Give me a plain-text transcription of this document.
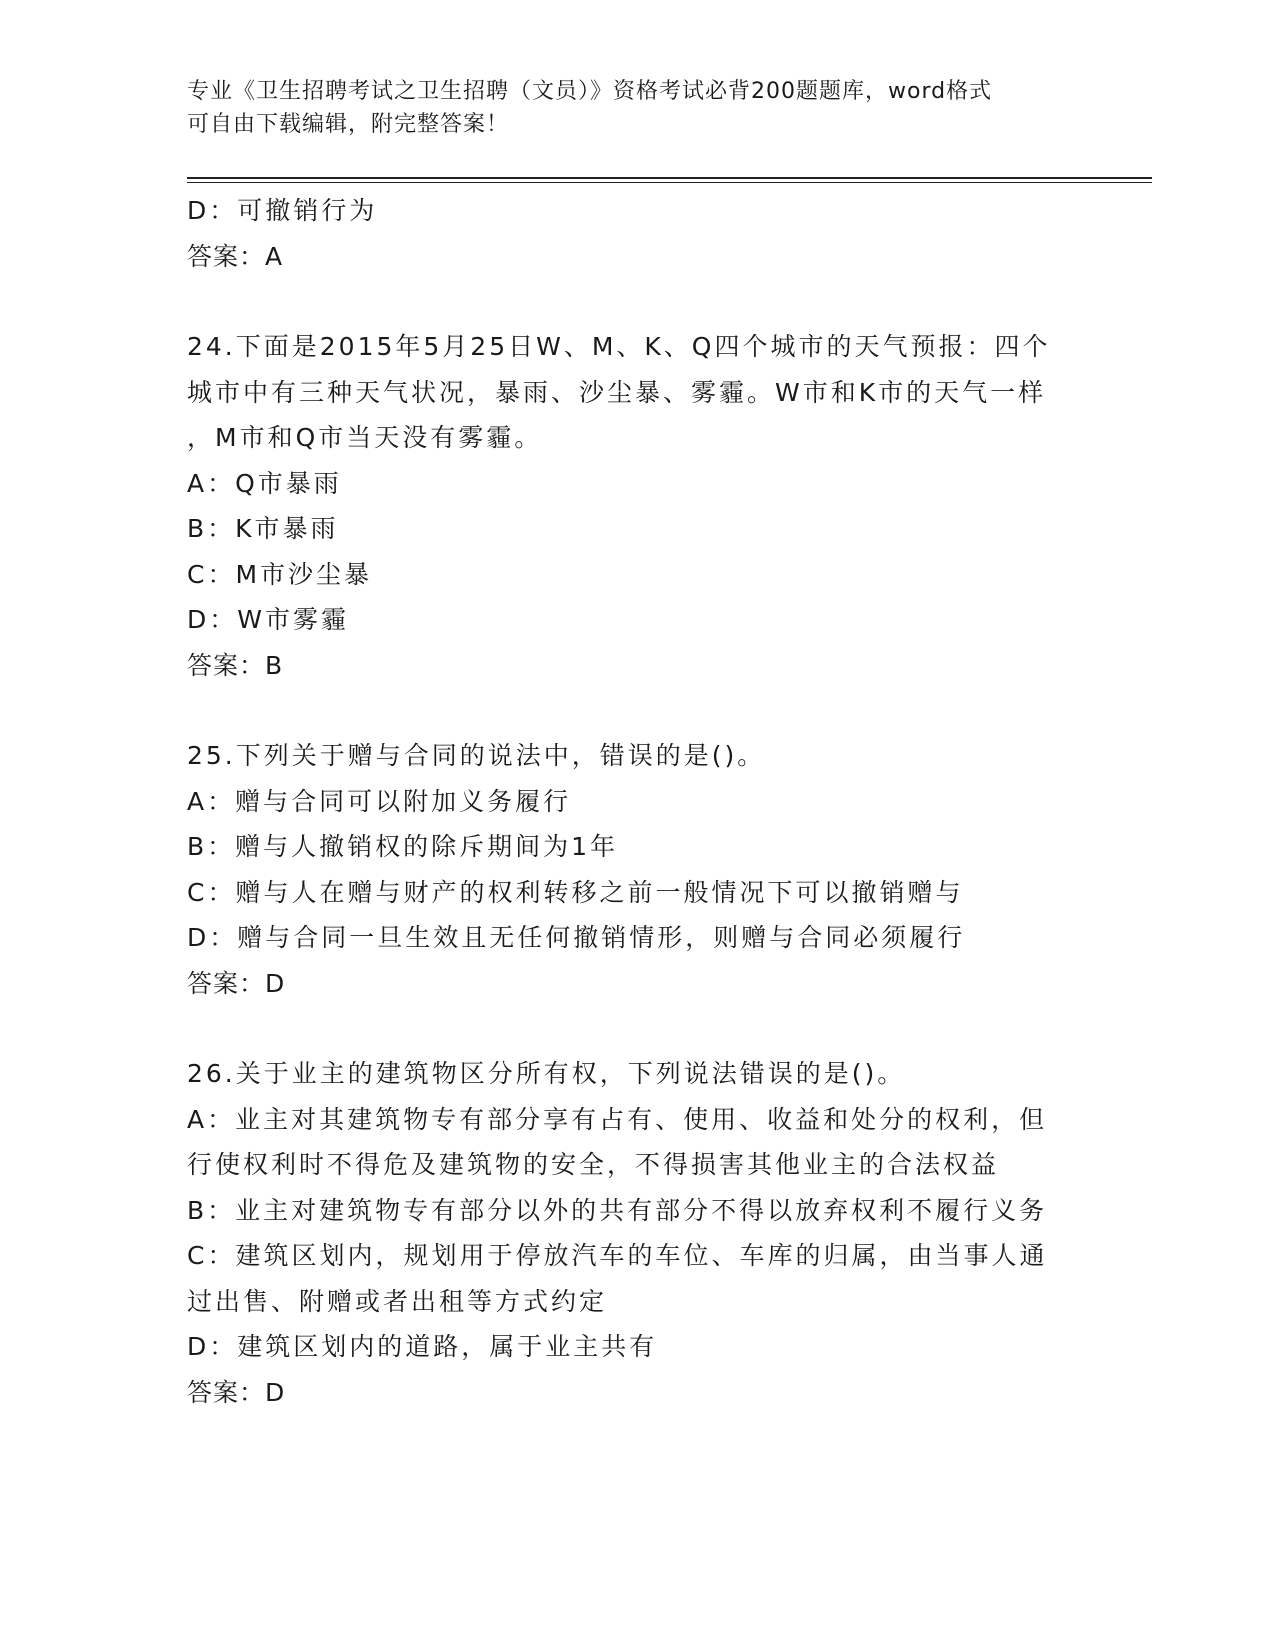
专业《卫生招聘考试之卫生招聘（文员）》资格考试必背200题题库，word格式
可自由下载编辑，附完整答案！
D：可撤销行为
答案：A
24.下面是2015年5月25日W、M、K、Q四个城市的天气预报：四个
城市中有三种天气状况，暴雨、沙尘暴、雾霾。W市和K市的天气一样
，M市和Q市当天没有雾霾。
A：Q市暴雨
B：K市暴雨
C：M市沙尘暴
D：W市雾霾
答案：B
25.下列关于赠与合同的说法中，错误的是()。
A：赠与合同可以附加义务履行
B：赠与人撤销权的除斥期间为1年
C：赠与人在赠与财产的权利转移之前一般情况下可以撤销赠与
D：赠与合同一旦生效且无任何撤销情形，则赠与合同必须履行
答案：D
26.关于业主的建筑物区分所有权，下列说法错误的是()。
A：业主对其建筑物专有部分享有占有、使用、收益和处分的权利，但
行使权利时不得危及建筑物的安全，不得损害其他业主的合法权益
B：业主对建筑物专有部分以外的共有部分不得以放弃权利不履行义务
C：建筑区划内，规划用于停放汽车的车位、车库的归属，由当事人通
过出售、附赠或者出租等方式约定
D：建筑区划内的道路，属于业主共有
答案：D
